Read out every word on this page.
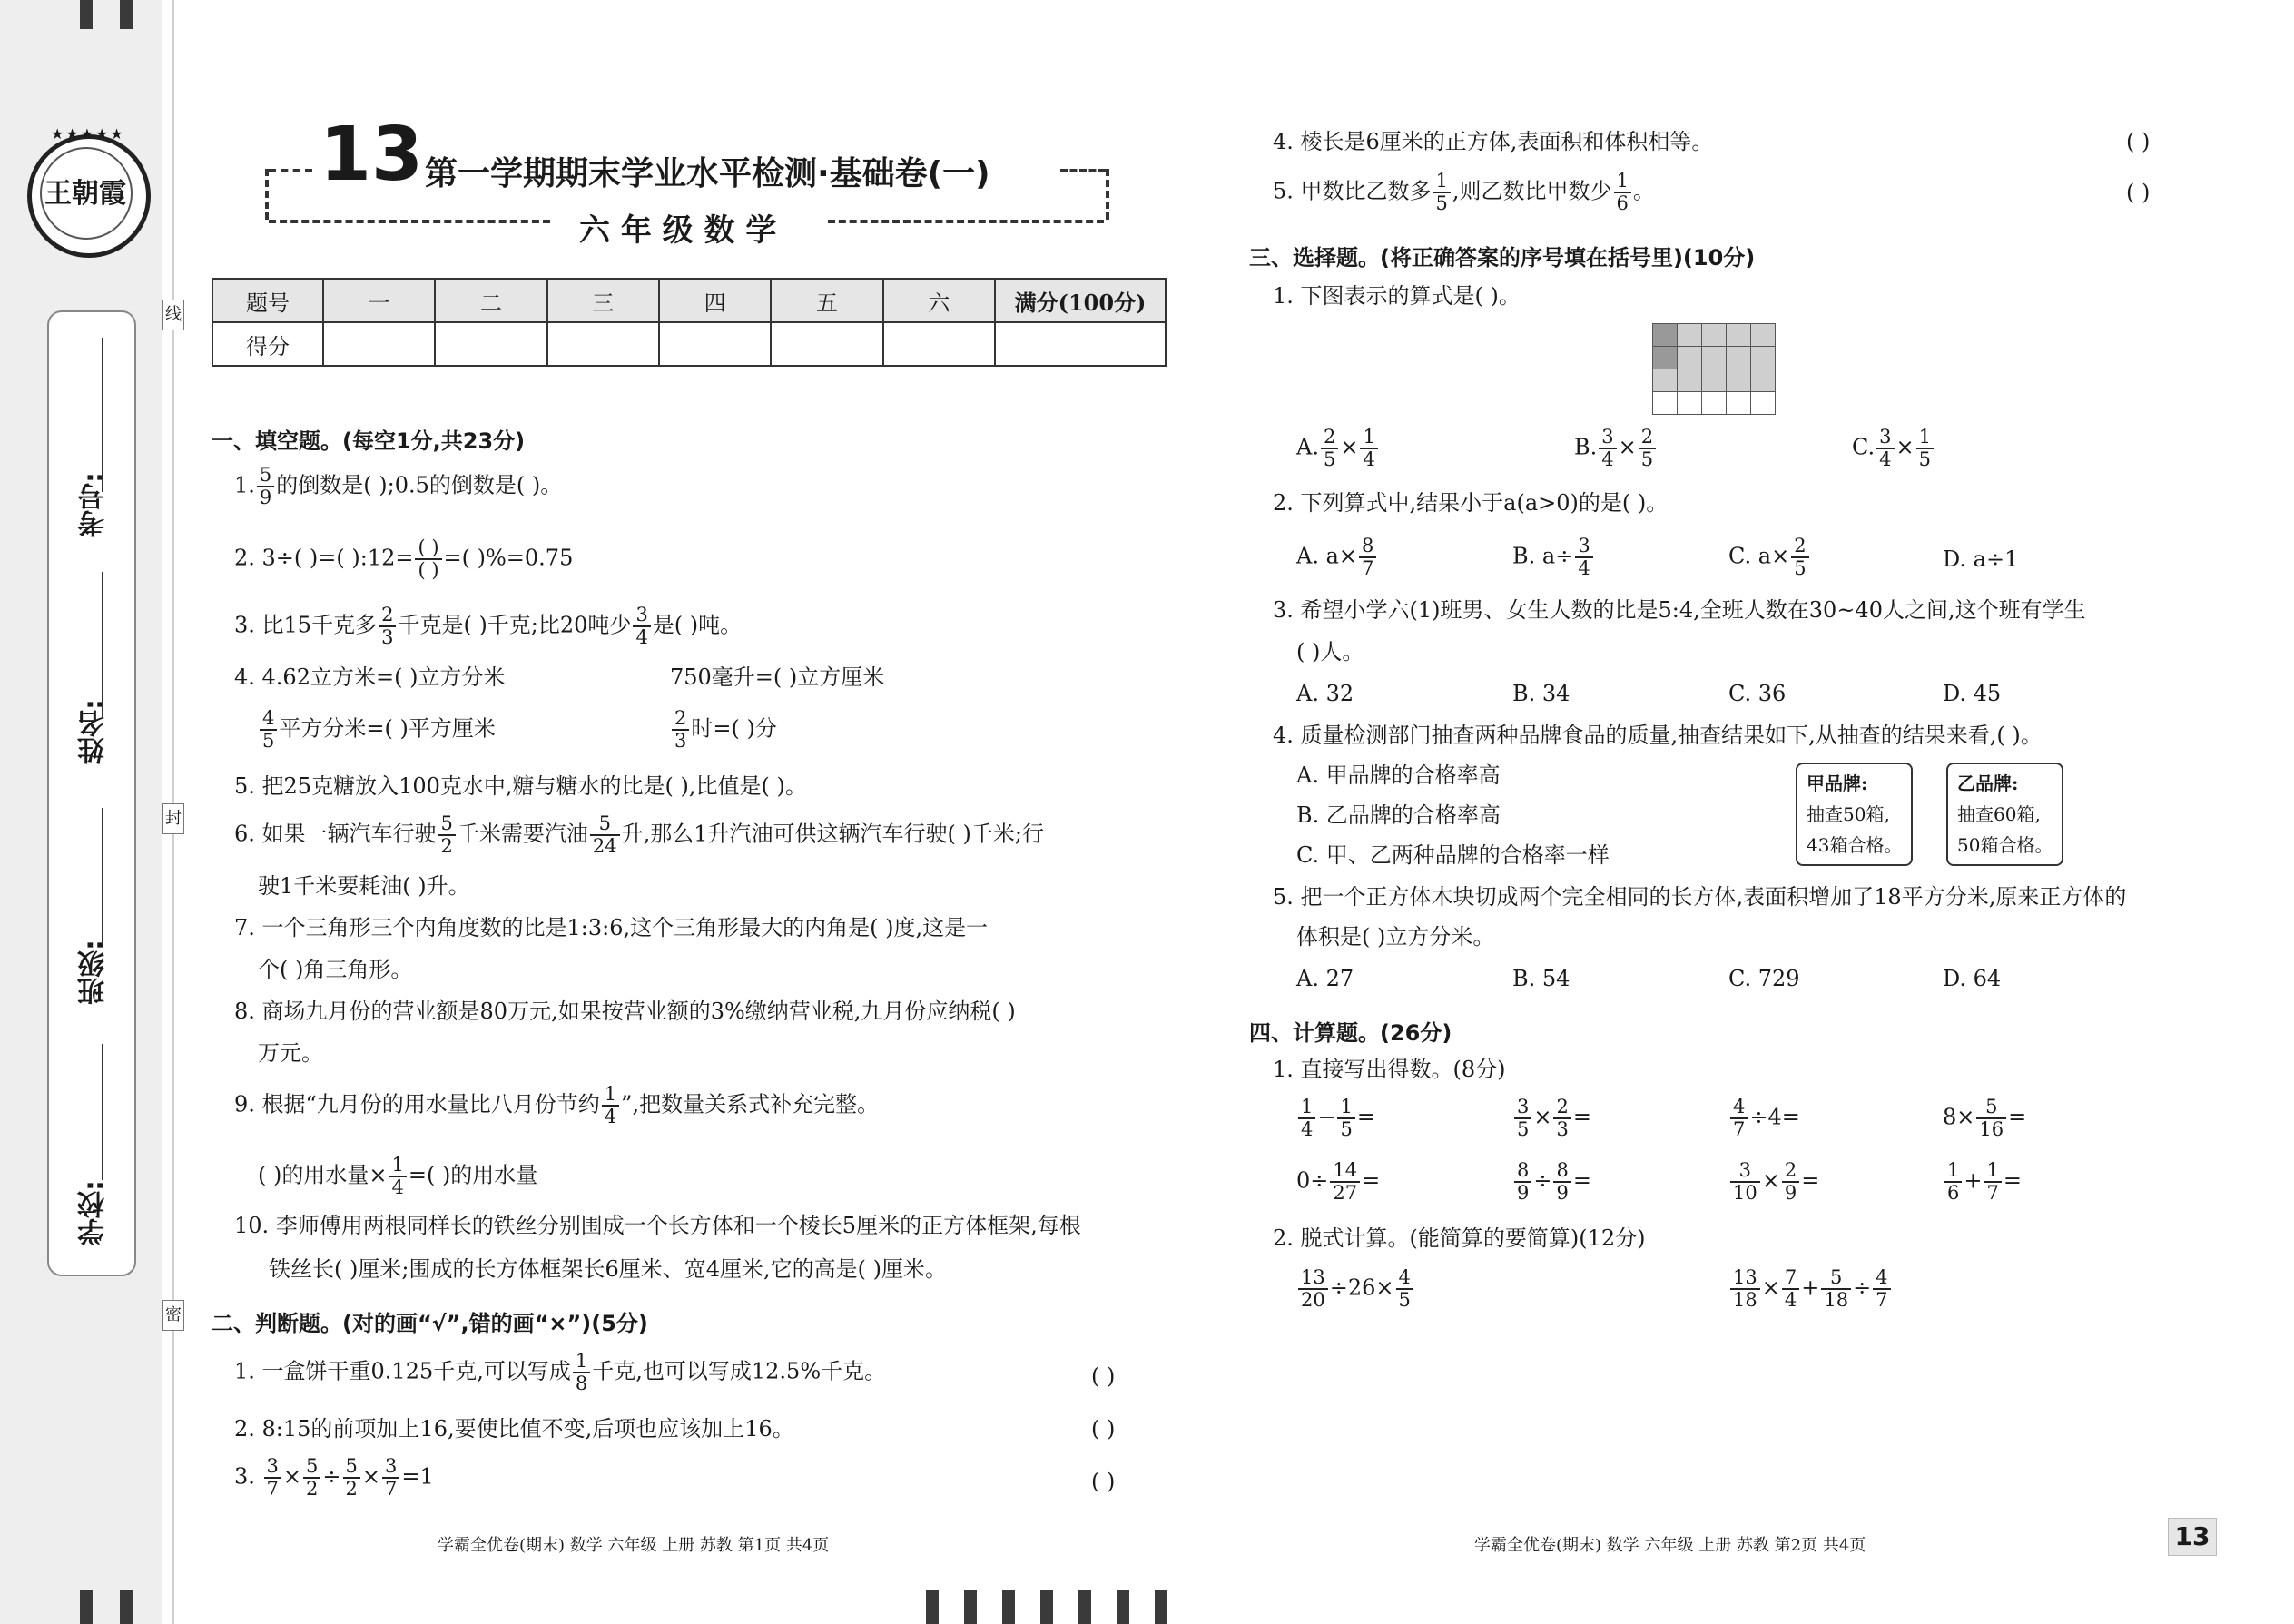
线
封
密
王朝霞
★★★★★
考号:
姓名:
班级:
学校:
13 第一学期期末学业水平检测·基础卷(一)
六 年 级 数 学
题号	一	二	三	四	五	六	满分(100分)
得分							
一、填空题。(每空1分,共23分)
1. $\frac{5}{9}$ 的倒数是( );0.5的倒数是( )。
2. 3÷( )=( ):12= $\frac{( )}{( )}$ =( )%=0.75
3. 比15千克多 $\frac{2}{3}$ 千克是( )千克;比20吨少 $\frac{3}{4}$ 是( )吨。
4. 4.62立方米=( )立方分米	750毫升=( )立方厘米
$\frac{4}{5}$ 平方分米=( )平方厘米	$\frac{2}{3}$ 时=( )分
5. 把25克糖放入100克水中,糖与糖水的比是( ),比值是( )。
6. 如果一辆汽车行驶 $\frac{5}{2}$ 千米需要汽油 $\frac{5}{24}$ 升,那么1升汽油可供这辆汽车行驶( )千米;行
驶1千米要耗油( )升。
7. 一个三角形三个内角度数的比是1:3:6,这个三角形最大的内角是( )度,这是一
个( )角三角形。
8. 商场九月份的营业额是80万元,如果按营业额的3%缴纳营业税,九月份应纳税( )
万元。
9. 根据“九月份的用水量比八月份节约 $\frac{1}{4}$ ”,把数量关系式补充完整。
( )的用水量× $\frac{1}{4}$ =( )的用水量
10. 李师傅用两根同样长的铁丝分别围成一个长方体和一个棱长5厘米的正方体框架,每根
铁丝长( )厘米;围成的长方体框架长6厘米、宽4厘米,它的高是( )厘米。
二、判断题。(对的画“√”,错的画“×”)(5分)
1. 一盒饼干重0.125千克,可以写成 $\frac{1}{8}$ 千克,也可以写成12.5%千克。	( )
2. 8:15的前项加上16,要使比值不变,后项也应该加上16。	( )
3. $\frac{3}{7} \times \frac{5}{2} \div \frac{5}{2} \times \frac{3}{7} =1$	( )
4. 棱长是6厘米的正方体,表面积和体积相等。	( )
5. 甲数比乙数多 $\frac{1}{5}$ ,则乙数比甲数少 $\frac{1}{6}$ 。	( )
三、选择题。(将正确答案的序号填在括号里)(10分)
1. 下图表示的算式是( )。

A. $\frac{2}{5} \times \frac{1}{4}$	B. $\frac{3}{4} \times \frac{2}{5}$	C. $\frac{3}{4} \times \frac{1}{5}$
2. 下列算式中,结果小于a(a>0)的是( )。
A. $a\times \frac{8}{7}$	B. $a\div \frac{3}{4}$	C. $a\times \frac{2}{5}$	D. a÷1
3. 希望小学六(1)班男、女生人数的比是5:4,全班人数在30~40人之间,这个班有学生
( )人。
A. 32	B. 34	C. 36	D. 45
4. 质量检测部门抽查两种品牌食品的质量,抽查结果如下,从抽查的结果来看,( )。
A. 甲品牌的合格率高
B. 乙品牌的合格率高
C. 甲、乙两种品牌的合格率一样
甲品牌:
抽查50箱,
43箱合格。
乙品牌:
抽查60箱,
50箱合格。
5. 把一个正方体木块切成两个完全相同的长方体,表面积增加了18平方分米,原来正方体的
体积是( )立方分米。
A. 27	B. 54	C. 729	D. 64
四、计算题。(26分)
1. 直接写出得数。(8分)
$\frac{1}{4} - \frac{1}{5}$ =	$\frac{3}{5} \times \frac{2}{3}$ =	$\frac{4}{7} \div 4=$	$8\times \frac{5}{16}$ =
$0\div \frac{14}{27}$ =	$\frac{8}{9} \div \frac{8}{9}$ =	$\frac{3}{10} \times \frac{2}{9}$ =	$\frac{1}{6} + \frac{1}{7}$ =
2. 脱式计算。(能简算的要简算)(12分)
$\frac{13}{20} \div 26\times \frac{4}{5}$	$\frac{13}{18} \times \frac{7}{4} + \frac{5}{18} \div \frac{4}{7}$
学霸全优卷(期末) 数学 六年级 上册 苏教 第1页 共4页	学霸全优卷(期末) 数学 六年级 上册 苏教 第2页 共4页	13
